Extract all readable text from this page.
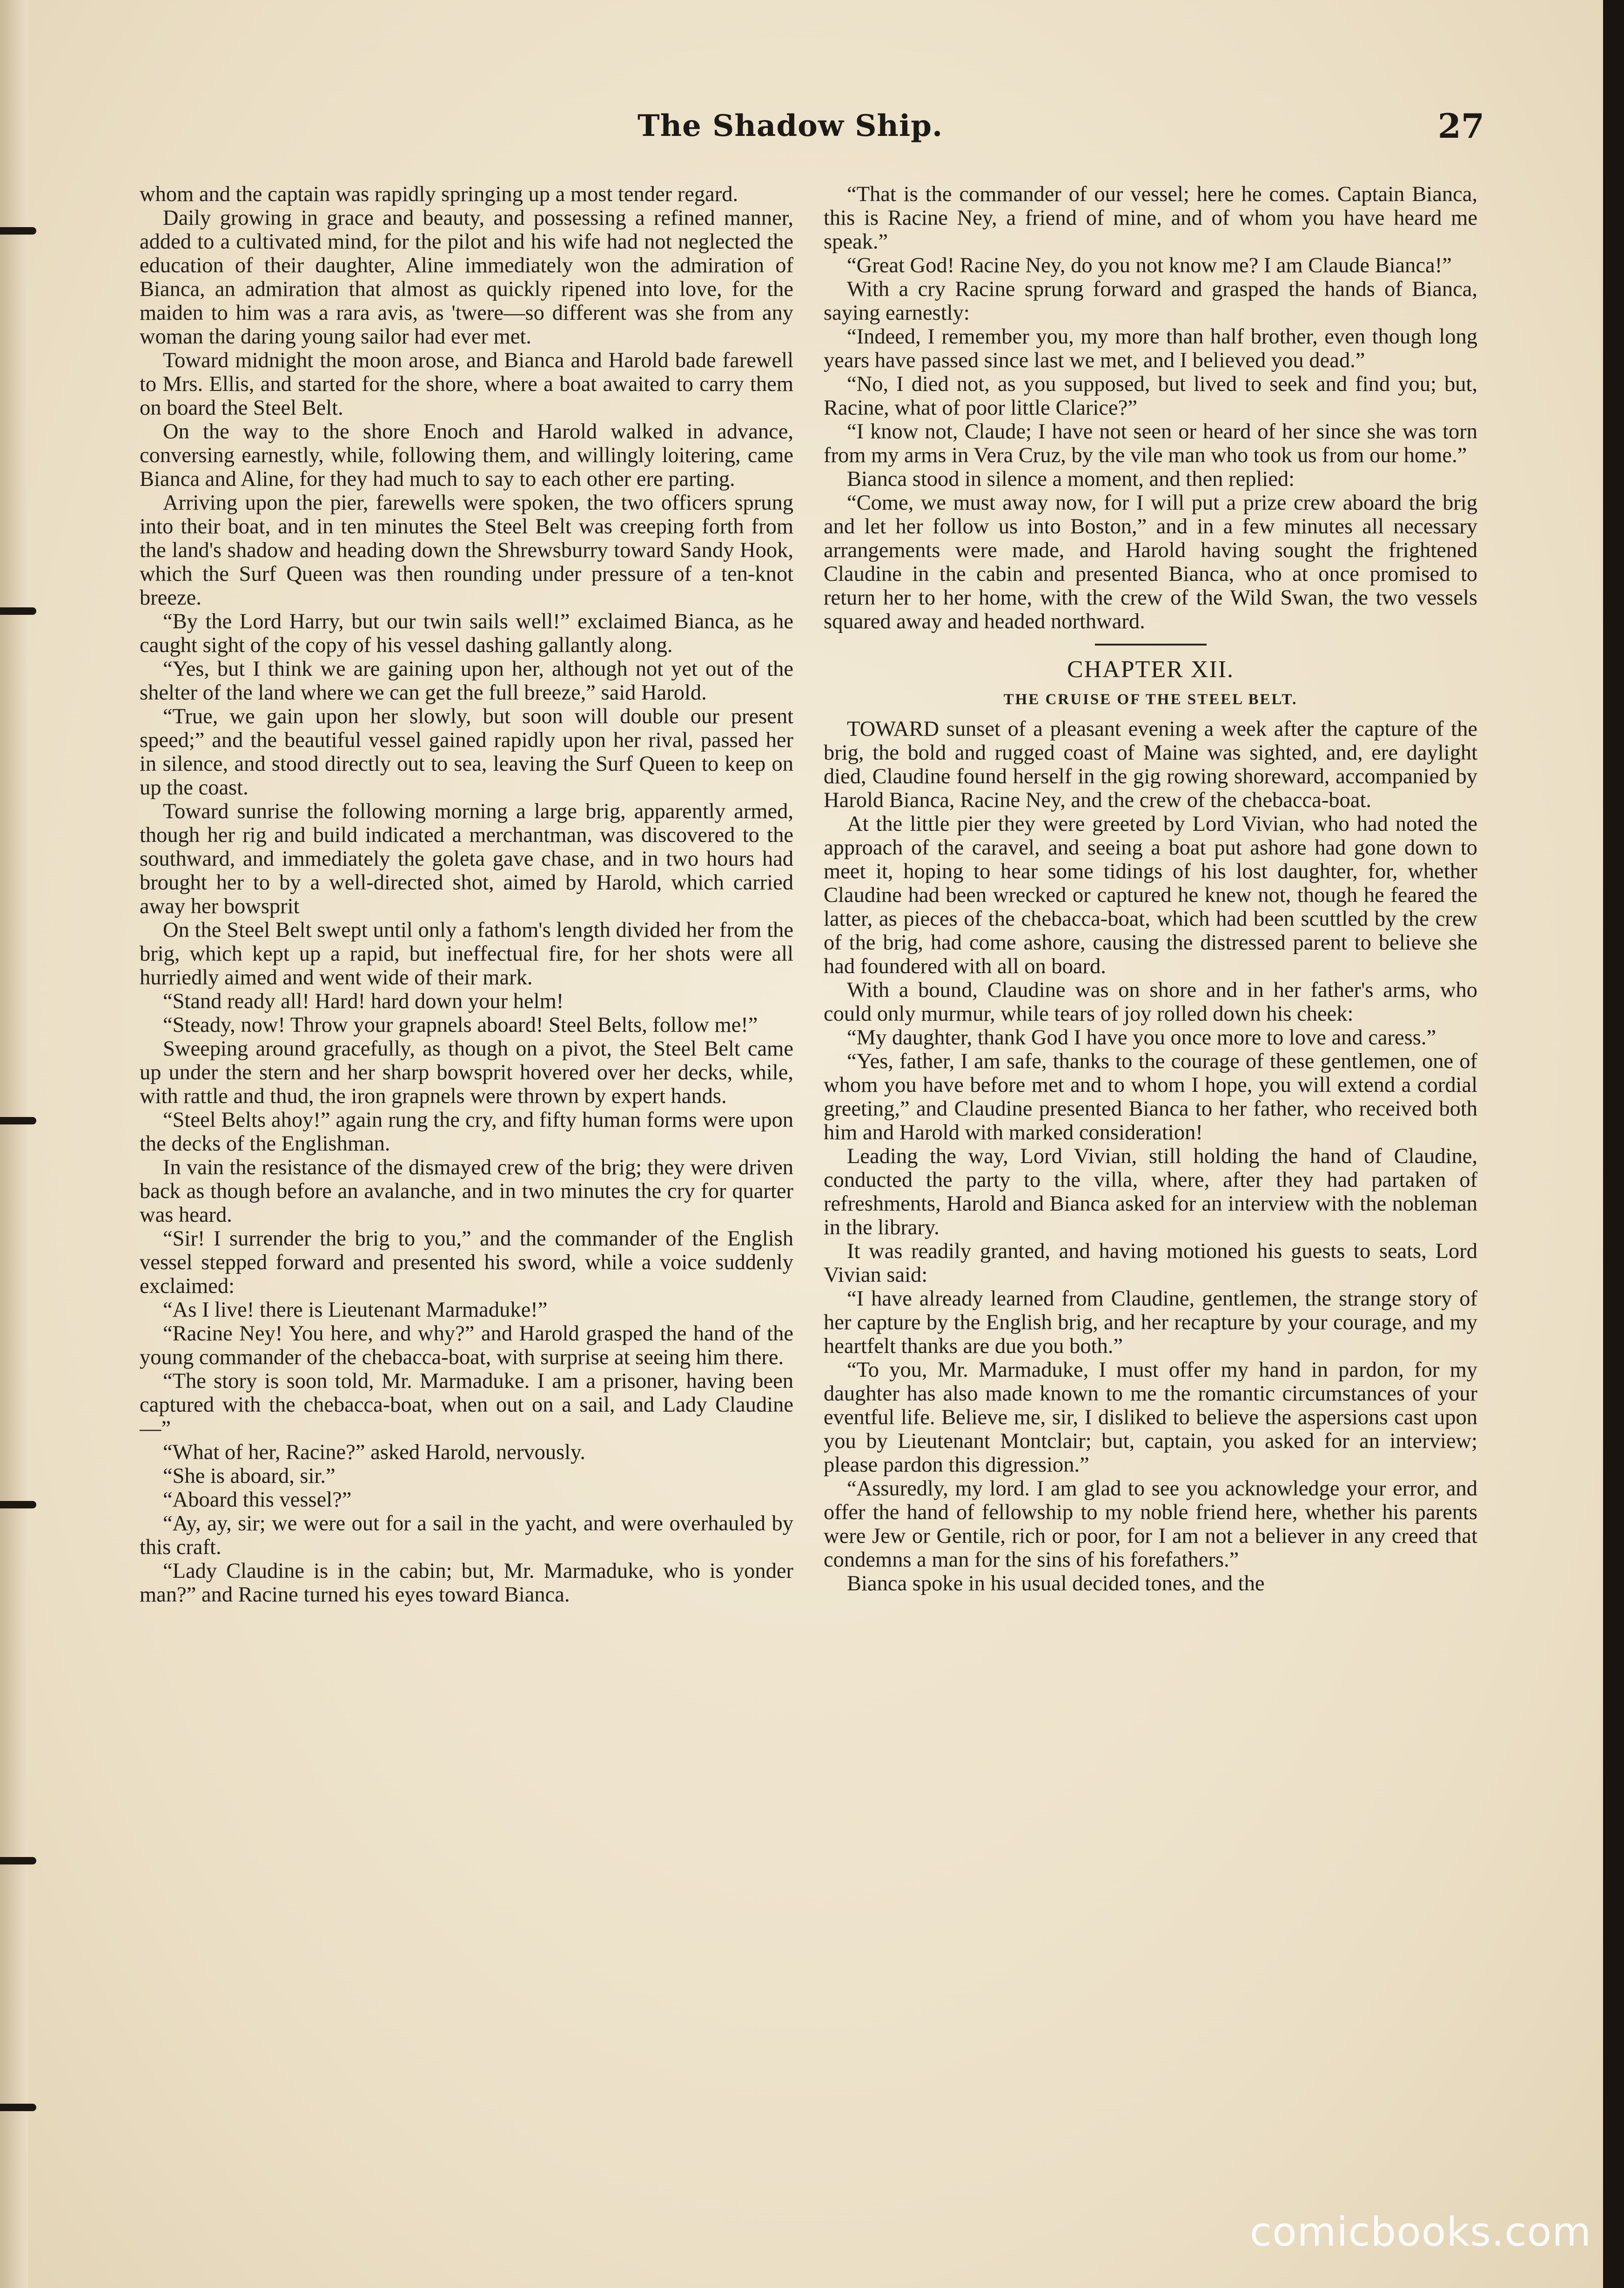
The Shadow Ship.	27

whom and the captain was rapidly springing up a most tender regard.

Daily growing in grace and beauty, and possessing a refined manner, added to a cultivated mind, for the pilot and his wife had not neglected the education of their daughter, Aline immediately won the admiration of Bianca, an admiration that almost as quickly ripened into love, for the maiden to him was a rara avis, as 'twere—so different was she from any woman the daring young sailor had ever met.

Toward midnight the moon arose, and Bianca and Harold bade farewell to Mrs. Ellis, and started for the shore, where a boat awaited to carry them on board the Steel Belt.

On the way to the shore Enoch and Harold walked in advance, conversing earnestly, while, following them, and willingly loitering, came Bianca and Aline, for they had much to say to each other ere parting.

Arriving upon the pier, farewells were spoken, the two officers sprung into their boat, and in ten minutes the Steel Belt was creeping forth from the land's shadow and heading down the Shrewsburry toward Sandy Hook, which the Surf Queen was then rounding under pressure of a ten-knot breeze.

“By the Lord Harry, but our twin sails well!” exclaimed Bianca, as he caught sight of the copy of his vessel dashing gallantly along.

“Yes, but I think we are gaining upon her, although not yet out of the shelter of the land where we can get the full breeze,” said Harold.

“True, we gain upon her slowly, but soon will double our present speed;” and the beautiful vessel gained rapidly upon her rival, passed her in silence, and stood directly out to sea, leaving the Surf Queen to keep on up the coast.

Toward sunrise the following morning a large brig, apparently armed, though her rig and build indicated a merchantman, was discovered to the southward, and immediately the goleta gave chase, and in two hours had brought her to by a well-directed shot, aimed by Harold, which carried away her bowsprit

On the Steel Belt swept until only a fathom's length divided her from the brig, which kept up a rapid, but ineffectual fire, for her shots were all hurriedly aimed and went wide of their mark.

“Stand ready all! Hard! hard down your helm!

“Steady, now! Throw your grapnels aboard! Steel Belts, follow me!”

Sweeping around gracefully, as though on a pivot, the Steel Belt came up under the stern and her sharp bowsprit hovered over her decks, while, with rattle and thud, the iron grapnels were thrown by expert hands.

“Steel Belts ahoy!” again rung the cry, and fifty human forms were upon the decks of the Englishman.

In vain the resistance of the dismayed crew of the brig; they were driven back as though before an avalanche, and in two minutes the cry for quarter was heard.

“Sir! I surrender the brig to you,” and the commander of the English vessel stepped forward and presented his sword, while a voice suddenly exclaimed:

“As I live! there is Lieutenant Marmaduke!”

“Racine Ney! You here, and why?” and Harold grasped the hand of the young commander of the chebacca-boat, with surprise at seeing him there.

“The story is soon told, Mr. Marmaduke. I am a prisoner, having been captured with the chebacca-boat, when out on a sail, and Lady Claudine—”

“What of her, Racine?” asked Harold, nervously.

“She is aboard, sir.”

“Aboard this vessel?”

“Ay, ay, sir; we were out for a sail in the yacht, and were overhauled by this craft.

“Lady Claudine is in the cabin; but, Mr. Marmaduke, who is yonder man?” and Racine turned his eyes toward Bianca.

“That is the commander of our vessel; here he comes. Captain Bianca, this is Racine Ney, a friend of mine, and of whom you have heard me speak.”

“Great God! Racine Ney, do you not know me? I am Claude Bianca!”

With a cry Racine sprung forward and grasped the hands of Bianca, saying earnestly:

“Indeed, I remember you, my more than half brother, even though long years have passed since last we met, and I believed you dead.”

“No, I died not, as you supposed, but lived to seek and find you; but, Racine, what of poor little Clarice?”

“I know not, Claude; I have not seen or heard of her since she was torn from my arms in Vera Cruz, by the vile man who took us from our home.”

Bianca stood in silence a moment, and then replied:

“Come, we must away now, for I will put a prize crew aboard the brig and let her follow us into Boston,” and in a few minutes all necessary arrangements were made, and Harold having sought the frightened Claudine in the cabin and presented Bianca, who at once promised to return her to her home, with the crew of the Wild Swan, the two vessels squared away and headed northward.

CHAPTER XII.
THE CRUISE OF THE STEEL BELT.

TOWARD sunset of a pleasant evening a week after the capture of the brig, the bold and rugged coast of Maine was sighted, and, ere daylight died, Claudine found herself in the gig rowing shoreward, accompanied by Harold Bianca, Racine Ney, and the crew of the chebacca-boat.

At the little pier they were greeted by Lord Vivian, who had noted the approach of the caravel, and seeing a boat put ashore had gone down to meet it, hoping to hear some tidings of his lost daughter, for, whether Claudine had been wrecked or captured he knew not, though he feared the latter, as pieces of the chebacca-boat, which had been scuttled by the crew of the brig, had come ashore, causing the distressed parent to believe she had foundered with all on board.

With a bound, Claudine was on shore and in her father's arms, who could only murmur, while tears of joy rolled down his cheek:

“My daughter, thank God I have you once more to love and caress.”

“Yes, father, I am safe, thanks to the courage of these gentlemen, one of whom you have before met and to whom I hope, you will extend a cordial greeting,” and Claudine presented Bianca to her father, who received both him and Harold with marked consideration!

Leading the way, Lord Vivian, still holding the hand of Claudine, conducted the party to the villa, where, after they had partaken of refreshments, Harold and Bianca asked for an interview with the nobleman in the library.

It was readily granted, and having motioned his guests to seats, Lord Vivian said:

“I have already learned from Claudine, gentlemen, the strange story of her capture by the English brig, and her recapture by your courage, and my heartfelt thanks are due you both.”

“To you, Mr. Marmaduke, I must offer my hand in pardon, for my daughter has also made known to me the romantic circumstances of your eventful life. Believe me, sir, I disliked to believe the aspersions cast upon you by Lieutenant Montclair; but, captain, you asked for an interview; please pardon this digression.”

“Assuredly, my lord. I am glad to see you acknowledge your error, and offer the hand of fellowship to my noble friend here, whether his parents were Jew or Gentile, rich or poor, for I am not a believer in any creed that condemns a man for the sins of his forefathers.”

Bianca spoke in his usual decided tones, and the

comicbooks.com
